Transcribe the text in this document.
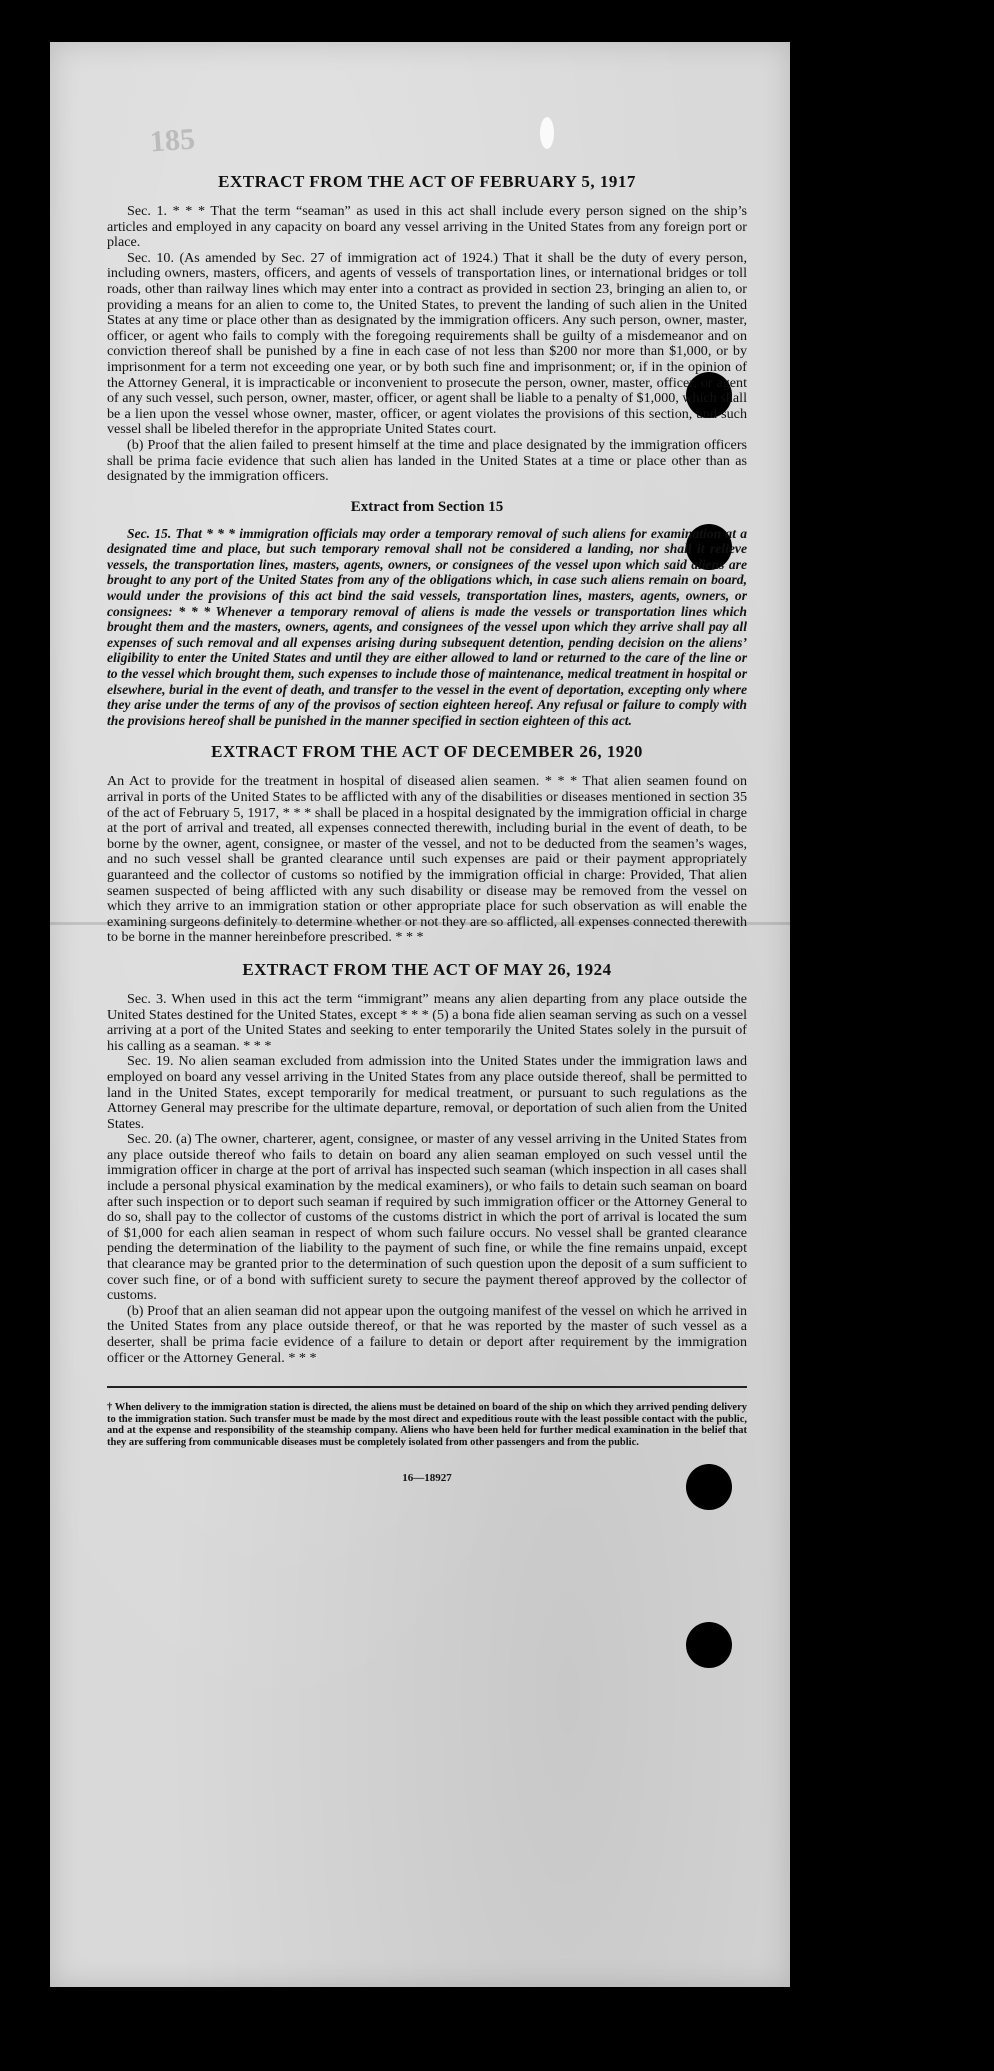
185
EXTRACT FROM THE ACT OF FEBRUARY 5, 1917

Sec. 1. * * * That the term “seaman” as used in this act shall include every person signed on the ship’s articles and employed in any capacity on board any vessel arriving in the United States from any foreign port or place.

Sec. 10. (As amended by Sec. 27 of immigration act of 1924.) That it shall be the duty of every person, including owners, masters, officers, and agents of vessels of transportation lines, or international bridges or toll roads, other than railway lines which may enter into a contract as provided in section 23, bringing an alien to, or providing a means for an alien to come to, the United States, to prevent the landing of such alien in the United States at any time or place other than as designated by the immigration officers. Any such person, owner, master, officer, or agent who fails to comply with the foregoing requirements shall be guilty of a misdemeanor and on conviction thereof shall be punished by a fine in each case of not less than $200 nor more than $1,000, or by imprisonment for a term not exceeding one year, or by both such fine and imprisonment; or, if in the opinion of the Attorney General, it is impracticable or inconvenient to prosecute the person, owner, master, officer, or agent of any such vessel, such person, owner, master, officer, or agent shall be liable to a penalty of $1,000, which shall be a lien upon the vessel whose owner, master, officer, or agent violates the provisions of this section, and such vessel shall be libeled therefor in the appropriate United States court.

(b) Proof that the alien failed to present himself at the time and place designated by the immigration officers shall be prima facie evidence that such alien has landed in the United States at a time or place other than as designated by the immigration officers.

Extract from Section 15

Sec. 15. That * * * immigration officials may order a temporary removal of such aliens for examination at a designated time and place, but such temporary removal shall not be considered a landing, nor shall it relieve vessels, the transportation lines, masters, agents, owners, or consignees of the vessel upon which said aliens are brought to any port of the United States from any of the obligations which, in case such aliens remain on board, would under the provisions of this act bind the said vessels, transportation lines, masters, agents, owners, or consignees: * * * Whenever a temporary removal of aliens is made the vessels or transportation lines which brought them and the masters, owners, agents, and consignees of the vessel upon which they arrive shall pay all expenses of such removal and all expenses arising during subsequent detention, pending decision on the aliens’ eligibility to enter the United States and until they are either allowed to land or returned to the care of the line or to the vessel which brought them, such expenses to include those of maintenance, medical treatment in hospital or elsewhere, burial in the event of death, and transfer to the vessel in the event of deportation, excepting only where they arise under the terms of any of the provisos of section eighteen hereof. Any refusal or failure to comply with the provisions hereof shall be punished in the manner specified in section eighteen of this act.

EXTRACT FROM THE ACT OF DECEMBER 26, 1920

An Act to provide for the treatment in hospital of diseased alien seamen. * * * That alien seamen found on arrival in ports of the United States to be afflicted with any of the disabilities or diseases mentioned in section 35 of the act of February 5, 1917, * * * shall be placed in a hospital designated by the immigration official in charge at the port of arrival and treated, all expenses connected therewith, including burial in the event of death, to be borne by the owner, agent, consignee, or master of the vessel, and not to be deducted from the seamen’s wages, and no such vessel shall be granted clearance until such expenses are paid or their payment appropriately guaranteed and the collector of customs so notified by the immigration official in charge: Provided, That alien seamen suspected of being afflicted with any such disability or disease may be removed from the vessel on which they arrive to an immigration station or other appropriate place for such observation as will enable the examining surgeons definitely to determine whether or not they are so afflicted, all expenses connected therewith to be borne in the manner hereinbefore prescribed. * * *

EXTRACT FROM THE ACT OF MAY 26, 1924

Sec. 3. When used in this act the term “immigrant” means any alien departing from any place outside the United States destined for the United States, except * * * (5) a bona fide alien seaman serving as such on a vessel arriving at a port of the United States and seeking to enter temporarily the United States solely in the pursuit of his calling as a seaman. * * *

Sec. 19. No alien seaman excluded from admission into the United States under the immigration laws and employed on board any vessel arriving in the United States from any place outside thereof, shall be permitted to land in the United States, except temporarily for medical treatment, or pursuant to such regulations as the Attorney General may prescribe for the ultimate departure, removal, or deportation of such alien from the United States.

Sec. 20. (a) The owner, charterer, agent, consignee, or master of any vessel arriving in the United States from any place outside thereof who fails to detain on board any alien seaman employed on such vessel until the immigration officer in charge at the port of arrival has inspected such seaman (which inspection in all cases shall include a personal physical examination by the medical examiners), or who fails to detain such seaman on board after such inspection or to deport such seaman if required by such immigration officer or the Attorney General to do so, shall pay to the collector of customs of the customs district in which the port of arrival is located the sum of $1,000 for each alien seaman in respect of whom such failure occurs. No vessel shall be granted clearance pending the determination of the liability to the payment of such fine, or while the fine remains unpaid, except that clearance may be granted prior to the determination of such question upon the deposit of a sum sufficient to cover such fine, or of a bond with sufficient surety to secure the payment thereof approved by the collector of customs.

(b) Proof that an alien seaman did not appear upon the outgoing manifest of the vessel on which he arrived in the United States from any place outside thereof, or that he was reported by the master of such vessel as a deserter, shall be prima facie evidence of a failure to detain or deport after requirement by the immigration officer or the Attorney General. * * *

† When delivery to the immigration station is directed, the aliens must be detained on board of the ship on which they arrived pending delivery to the immigration station. Such transfer must be made by the most direct and expeditious route with the least possible contact with the public, and at the expense and responsibility of the steamship company. Aliens who have been held for further medical examination in the belief that they are suffering from communicable diseases must be completely isolated from other passengers and from the public.

16—18927
